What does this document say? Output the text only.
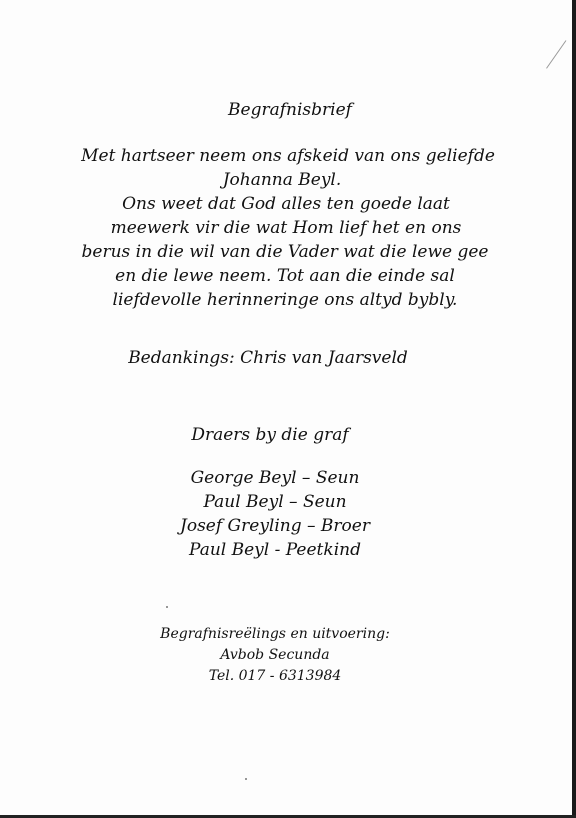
Begrafnisbrief
Met hartseer neem ons afskeid van ons geliefde
Johanna Beyl.
Ons weet dat God alles ten goede laat
meewerk vir die wat Hom lief het en ons
berus in die wil van die Vader wat die lewe gee
en die lewe neem. Tot aan die einde sal
liefdevolle herinneringe ons altyd bybly.
Bedankings: Chris van Jaarsveld
Draers by die graf
George Beyl – Seun
Paul Beyl – Seun
Josef Greyling – Broer
Paul Beyl - Peetkind
Begrafnisreëlings en uitvoering:
Avbob Secunda
Tel. 017 - 6313984
